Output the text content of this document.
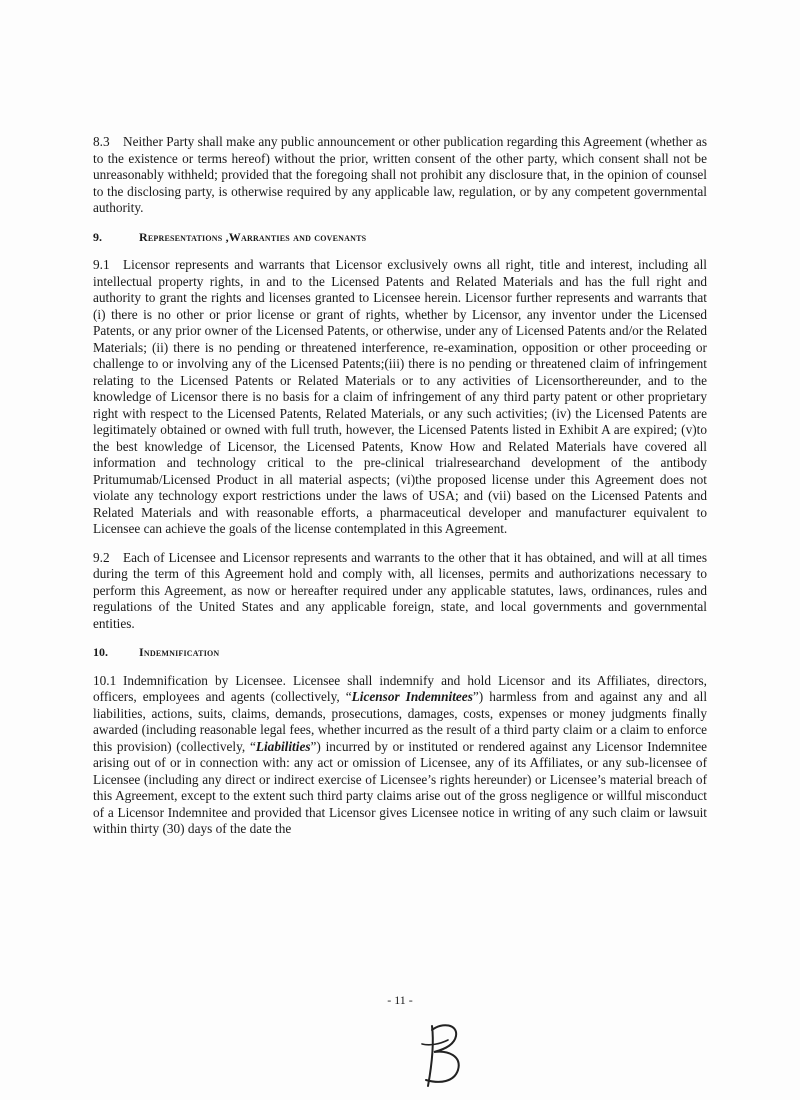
8.3 Neither Party shall make any public announcement or other publication regarding this Agreement (whether as to the existence or terms hereof) without the prior, written consent of the other party, which consent shall not be unreasonably withheld; provided that the foregoing shall not prohibit any disclosure that, in the opinion of counsel to the disclosing party, is otherwise required by any applicable law, regulation, or by any competent governmental authority.

9.	Representations ,Warranties and covenants

9.1 Licensor represents and warrants that Licensor exclusively owns all right, title and interest, including all intellectual property rights, in and to the Licensed Patents and Related Materials and has the full right and authority to grant the rights and licenses granted to Licensee herein. Licensor further represents and warrants that (i) there is no other or prior license or grant of rights, whether by Licensor, any inventor under the Licensed Patents, or any prior owner of the Licensed Patents, or otherwise, under any of Licensed Patents and/or the Related Materials; (ii) there is no pending or threatened interference, re-examination, opposition or other proceeding or challenge to or involving any of the Licensed Patents;(iii) there is no pending or threatened claim of infringement relating to the Licensed Patents or Related Materials or to any activities of Licensorthereunder, and to the knowledge of Licensor there is no basis for a claim of infringement of any third party patent or other proprietary right with respect to the Licensed Patents, Related Materials, or any such activities; (iv) the Licensed Patents are legitimately obtained or owned with full truth, however, the Licensed Patents listed in Exhibit A are expired; (v)to the best knowledge of Licensor, the Licensed Patents, Know How and Related Materials have covered all information and technology critical to the pre-clinical trialresearchand development of the antibody Pritumumab/Licensed Product in all material aspects; (vi)the proposed license under this Agreement does not violate any technology export restrictions under the laws of USA; and (vii) based on the Licensed Patents and Related Materials and with reasonable efforts, a pharmaceutical developer and manufacturer equivalent to Licensee can achieve the goals of the license contemplated in this Agreement.

9.2 Each of Licensee and Licensor represents and warrants to the other that it has obtained, and will at all times during the term of this Agreement hold and comply with, all licenses, permits and authorizations necessary to perform this Agreement, as now or hereafter required under any applicable statutes, laws, ordinances, rules and regulations of the United States and any applicable foreign, state, and local governments and governmental entities.

10.	Indemnification

10.1 Indemnification by Licensee. Licensee shall indemnify and hold Licensor and its Affiliates, directors, officers, employees and agents (collectively, “Licensor Indemnitees”) harmless from and against any and all liabilities, actions, suits, claims, demands, prosecutions, damages, costs, expenses or money judgments finally awarded (including reasonable legal fees, whether incurred as the result of a third party claim or a claim to enforce this provision) (collectively, “Liabilities”) incurred by or instituted or rendered against any Licensor Indemnitee arising out of or in connection with: any act or omission of Licensee, any of its Affiliates, or any sub-licensee of Licensee (including any direct or indirect exercise of Licensee’s rights hereunder) or Licensee’s material breach of this Agreement, except to the extent such third party claims arise out of the gross negligence or willful misconduct of a Licensor Indemnitee and provided that Licensor gives Licensee notice in writing of any such claim or lawsuit within thirty (30) days of the date the

- 11 -
